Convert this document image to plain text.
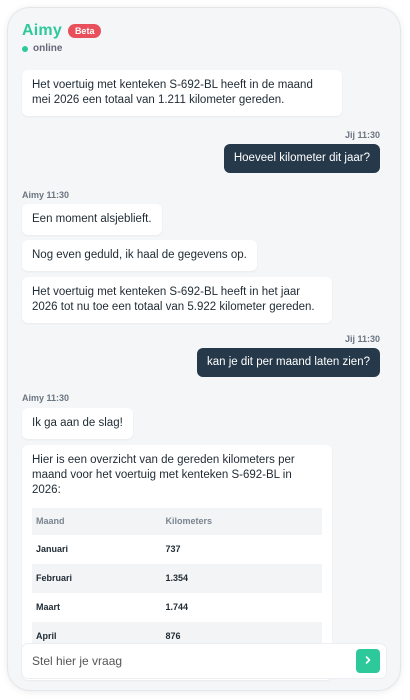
Aimy	Beta
online
Het voertuig met kenteken S-692-BL heeft in de maand mei 2026 een totaal van 1.211 kilometer gereden.
Jij 11:30
Hoeveel kilometer dit jaar?
Aimy 11:30
Een moment alsjeblieft.
Nog even geduld, ik haal de gegevens op.
Het voertuig met kenteken S-692-BL heeft in het jaar 2026 tot nu toe een totaal van 5.922 kilometer gereden.
Jij 11:30
kan je dit per maand laten zien?
Aimy 11:30
Ik ga aan de slag!
Hier is een overzicht van de gereden kilometers per maand voor het voertuig met kenteken S-692-BL in 2026:
Maand	Kilometers
Januari	737
Februari	1.354
Maart	1.744
April	876

Stel hier je vraag
